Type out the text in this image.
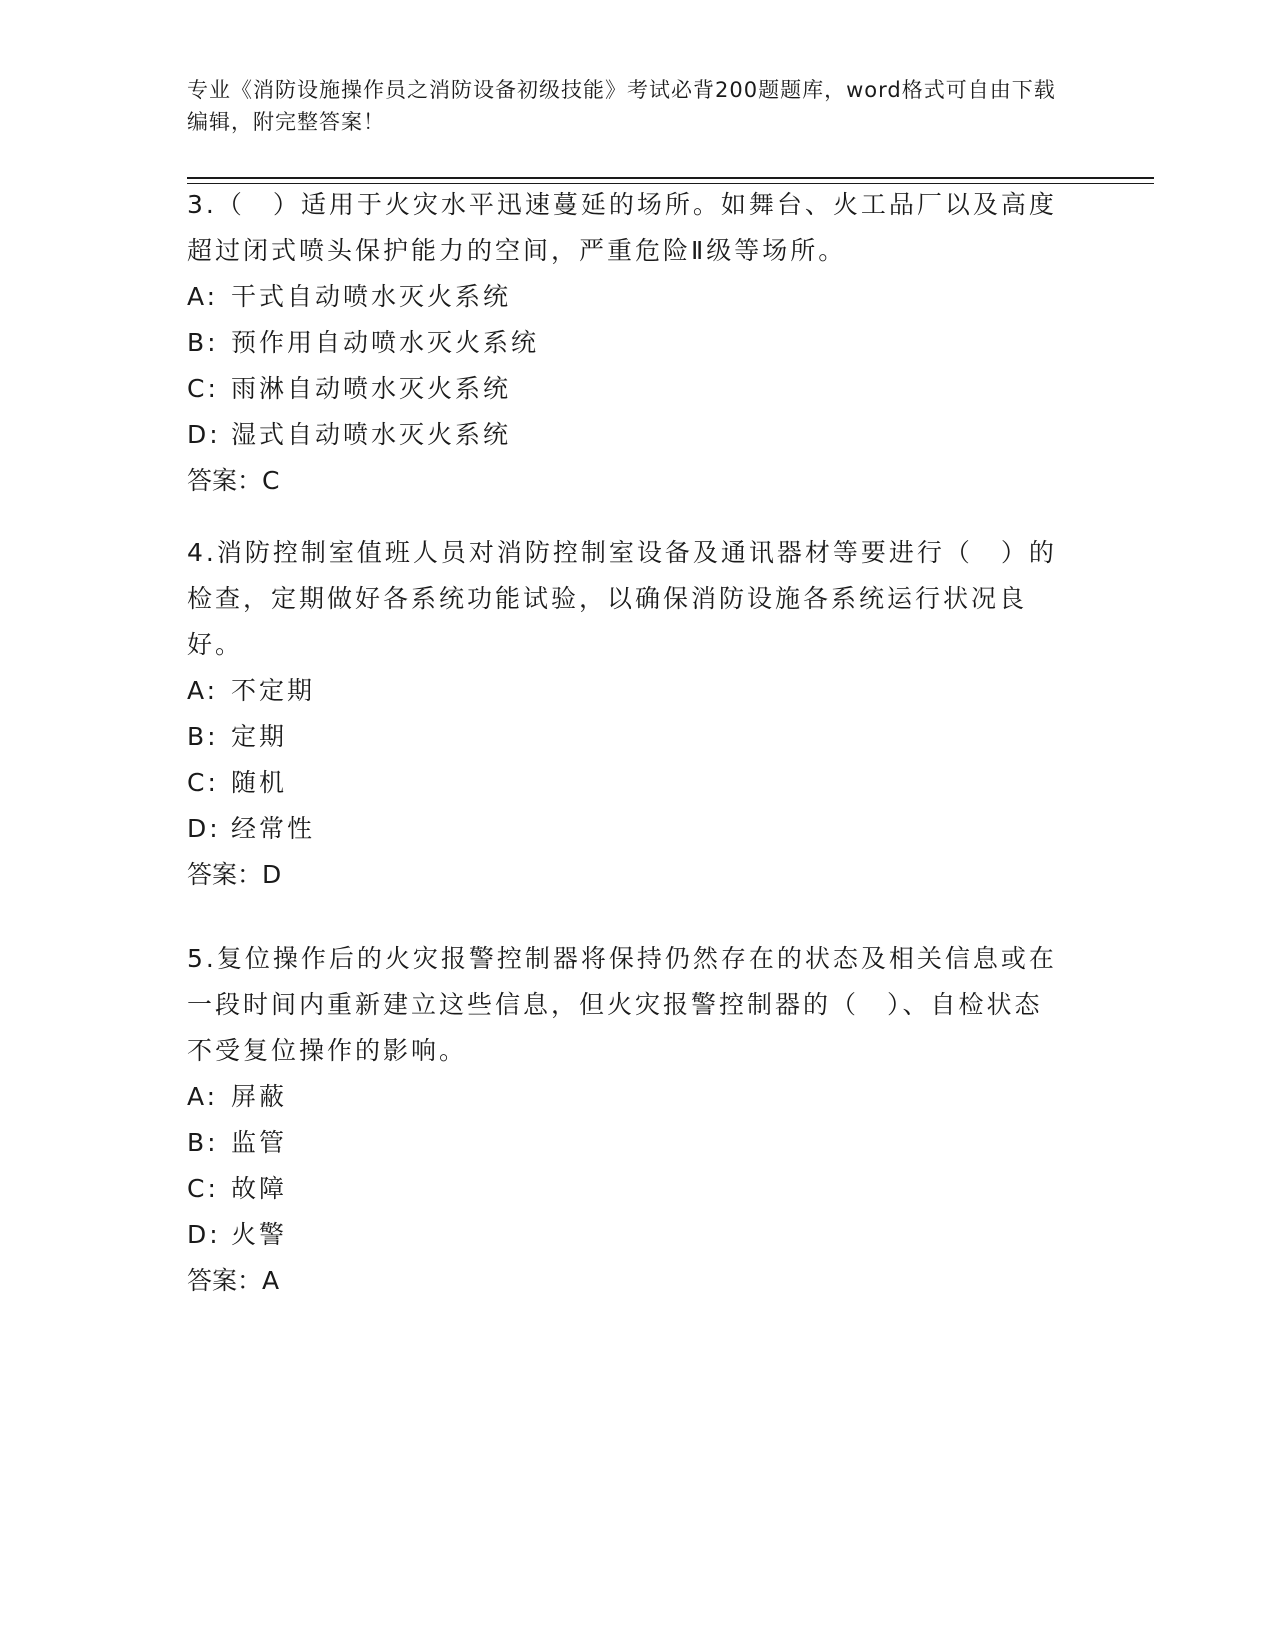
专业《消防设施操作员之消防设备初级技能》考试必背200题题库，word格式可自由下载编辑，附完整答案！

3.（　）适用于火灾水平迅速蔓延的场所。如舞台、火工品厂以及高度超过闭式喷头保护能力的空间，严重危险Ⅱ级等场所。

A: 干式自动喷水灭火系统

B: 预作用自动喷水灭火系统

C: 雨淋自动喷水灭火系统

D: 湿式自动喷水灭火系统

答案：C

4.消防控制室值班人员对消防控制室设备及通讯器材等要进行（　）的检查，定期做好各系统功能试验，以确保消防设施各系统运行状况良好。

A: 不定期

B: 定期

C: 随机

D: 经常性

答案：D

5.复位操作后的火灾报警控制器将保持仍然存在的状态及相关信息或在一段时间内重新建立这些信息，但火灾报警控制器的（　）、自检状态不受复位操作的影响。

A: 屏蔽

B: 监管

C: 故障

D: 火警

答案：A
